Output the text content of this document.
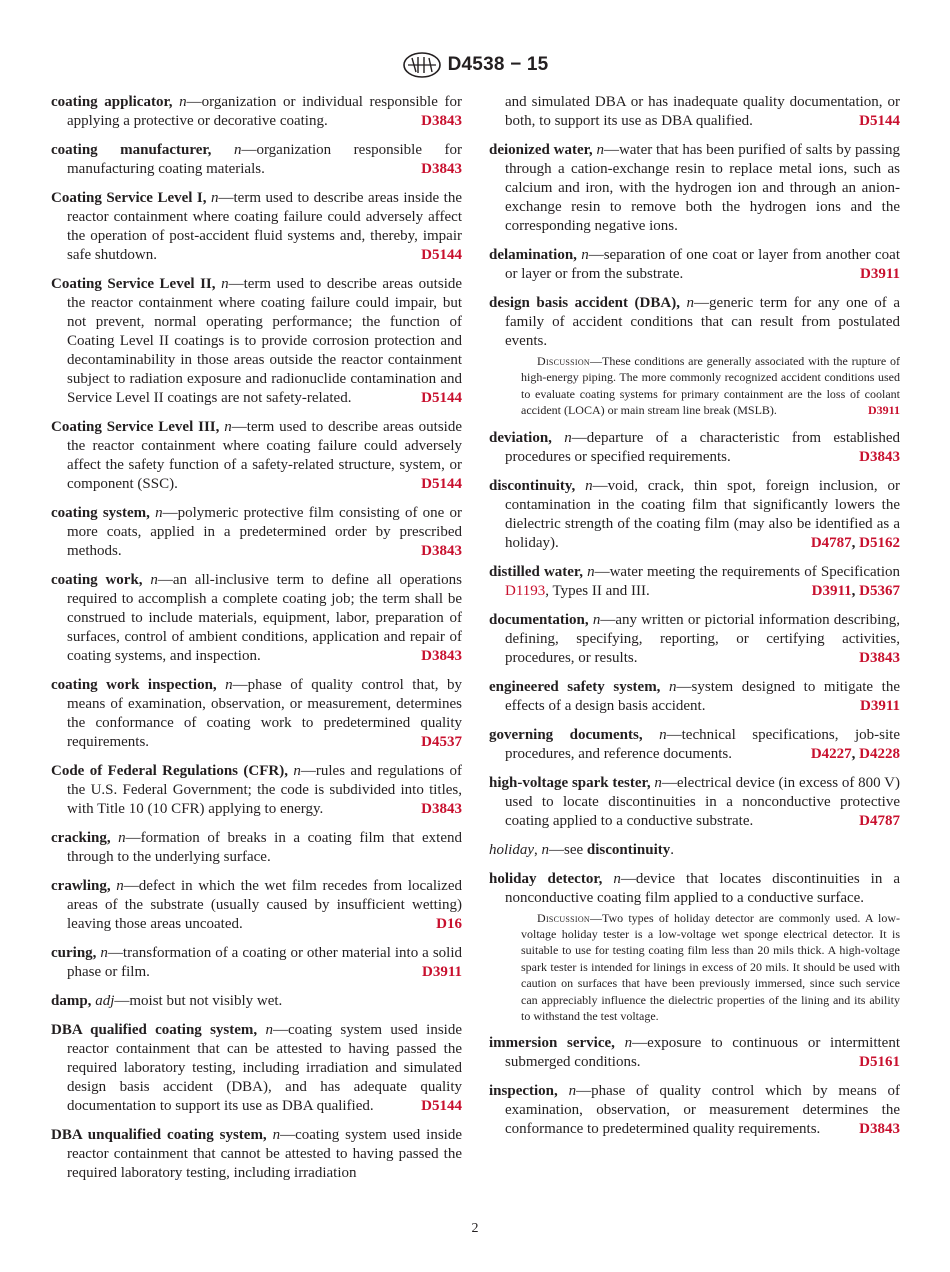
D4538 − 15
coating applicator, n—organization or individual responsible for applying a protective or decorative coating.	D3843
coating manufacturer, n—organization responsible for manufacturing coating materials.	D3843
Coating Service Level I, n—term used to describe areas inside the reactor containment where coating failure could adversely affect the operation of post-accident fluid systems and, thereby, impair safe shutdown.	D5144
Coating Service Level II, n—term used to describe areas outside the reactor containment where coating failure could impair, but not prevent, normal operating performance; the function of Coating Level II coatings is to provide corrosion protection and decontaminability in those areas outside the reactor containment subject to radiation exposure and radionuclide contamination and Service Level II coatings are not safety-related.	D5144
Coating Service Level III, n—term used to describe areas outside the reactor containment where coating failure could adversely affect the safety function of a safety-related structure, system, or component (SSC).	D5144
coating system, n—polymeric protective film consisting of one or more coats, applied in a predetermined order by prescribed methods.	D3843
coating work, n—an all-inclusive term to define all operations required to accomplish a complete coating job; the term shall be construed to include materials, equipment, labor, preparation of surfaces, control of ambient conditions, application and repair of coating systems, and inspection.	D3843
coating work inspection, n—phase of quality control that, by means of examination, observation, or measurement, determines the conformance of coating work to predetermined quality requirements.	D4537
Code of Federal Regulations (CFR), n—rules and regulations of the U.S. Federal Government; the code is subdivided into titles, with Title 10 (10 CFR) applying to energy.	D3843
cracking, n—formation of breaks in a coating film that extend through to the underlying surface.
crawling, n—defect in which the wet film recedes from localized areas of the substrate (usually caused by insufficient wetting) leaving those areas uncoated.	D16
curing, n—transformation of a coating or other material into a solid phase or film.	D3911
damp, adj—moist but not visibly wet.
DBA qualified coating system, n—coating system used inside reactor containment that can be attested to having passed the required laboratory testing, including irradiation and simulated design basis accident (DBA), and has adequate quality documentation to support its use as DBA qualified.	D5144
DBA unqualified coating system, n—coating system used inside reactor containment that cannot be attested to having passed the required laboratory testing, including irradiation
and simulated DBA or has inadequate quality documentation, or both, to support its use as DBA qualified.	D5144
deionized water, n—water that has been purified of salts by passing through a cation-exchange resin to replace metal ions, such as calcium and iron, with the hydrogen ion and through an anion-exchange resin to remove both the hydrogen ions and the corresponding negative ions.
delamination, n—separation of one coat or layer from another coat or layer or from the substrate.	D3911
design basis accident (DBA), n—generic term for any one of a family of accident conditions that can result from postulated events.
Discussion—These conditions are generally associated with the rupture of high-energy piping. The more commonly recognized accident conditions used to evaluate coating systems for primary containment are the loss of coolant accident (LOCA) or main stream line break (MSLB).	D3911
deviation, n—departure of a characteristic from established procedures or specified requirements.	D3843
discontinuity, n—void, crack, thin spot, foreign inclusion, or contamination in the coating film that significantly lowers the dielectric strength of the coating film (may also be identified as a holiday).	D4787, D5162
distilled water, n—water meeting the requirements of Specification D1193, Types II and III.	D3911, D5367
documentation, n—any written or pictorial information describing, defining, specifying, reporting, or certifying activities, procedures, or results.	D3843
engineered safety system, n—system designed to mitigate the effects of a design basis accident.	D3911
governing documents, n—technical specifications, job-site procedures, and reference documents.	D4227, D4228
high-voltage spark tester, n—electrical device (in excess of 800 V) used to locate discontinuities in a nonconductive protective coating applied to a conductive substrate.	D4787
holiday, n—see discontinuity.
holiday detector, n—device that locates discontinuities in a nonconductive coating film applied to a conductive surface.
Discussion—Two types of holiday detector are commonly used. A low-voltage holiday tester is a low-voltage wet sponge electrical detector. It is suitable to use for testing coating film less than 20 mils thick. A high-voltage spark tester is intended for linings in excess of 20 mils. It should be used with caution on surfaces that have been previously immersed, since such service can appreciably influence the dielectric properties of the lining and its ability to withstand the test voltage.
immersion service, n—exposure to continuous or intermittent submerged conditions.	D5161
inspection, n—phase of quality control which by means of examination, observation, or measurement determines the conformance to predetermined quality requirements.	D3843
2
